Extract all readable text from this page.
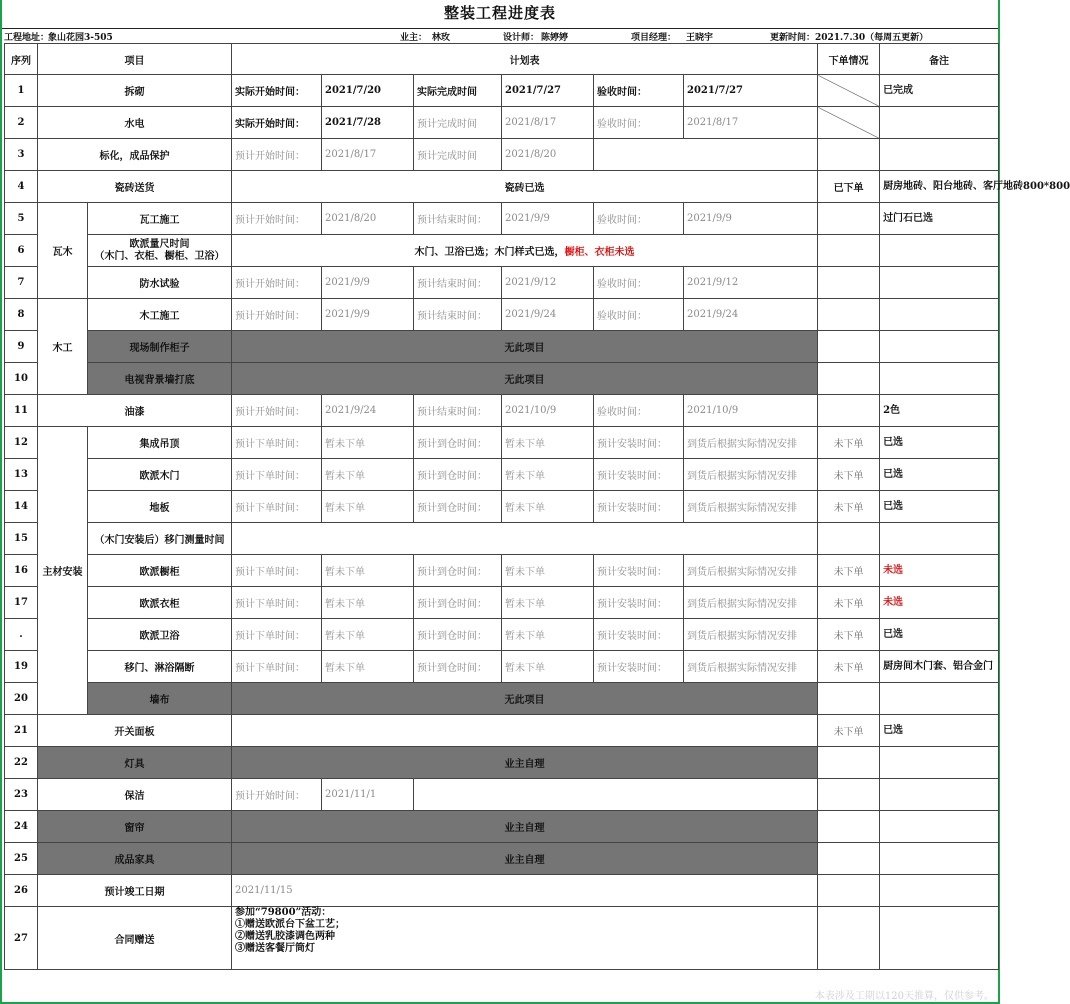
整装工程进度表
工程地址：
象山花园3-505	业主： 林玫	设计师： 陈婷婷	项目经理： 王晓宇	更新时间： 2021.7.30（每周五更新）
序列	项目		计划表						下单情况	备注
1	拆砌		实际开始时间：	2021/7/20	实际完成时间	2021/7/27	验收时间：	2021/7/27		已完成
2	水电		实际开始时间：	2021/7/28	预计完成时间	2021/8/17	验收时间：	2021/8/17		
3	标化，成品保护		预计开始时间：	2021/8/17	预计完成时间	2021/8/20				
4	瓷砖送货		瓷砖已选						已下单	厨房地砖、阳台地砖、客厅地砖800*800
5	瓦木	瓦工施工	预计开始时间：	2021/8/20	预计结束时间：	2021/9/9	验收时间：	2021/9/9		过门石已选
6		欧派量尺时间
（木门、衣柜、橱柜、卫浴）	木门、卫浴已选；木门样式已选，橱柜、衣柜未选							
7		防水试验	预计开始时间：	2021/9/9	预计结束时间：	2021/9/12	验收时间：	2021/9/12		
8	木工	木工施工	预计开始时间：	2021/9/9	预计结束时间：	2021/9/24	验收时间：	2021/9/24		
9		现场制作柜子	无此项目							
10		电视背景墙打底	无此项目							
11	油漆		预计开始时间：	2021/9/24	预计结束时间：	2021/10/9	验收时间：	2021/10/9		2色
12	主材安装	集成吊顶	预计下单时间：	暂未下单	预计到仓时间：	暂未下单	预计安装时间：	到货后根据实际情况安排	未下单	已选
13		欧派木门	预计下单时间：	暂未下单	预计到仓时间：	暂未下单	预计安装时间：	到货后根据实际情况安排	未下单	已选
14		地板	预计下单时间：	暂未下单	预计到仓时间：	暂未下单	预计安装时间：	到货后根据实际情况安排	未下单	已选
15		（木门安装后）移门测量时间								
16		欧派橱柜	预计下单时间：	暂未下单	预计到仓时间：	暂未下单	预计安装时间：	到货后根据实际情况安排	未下单	未选
17		欧派衣柜	预计下单时间：	暂未下单	预计到仓时间：	暂未下单	预计安装时间：	到货后根据实际情况安排	未下单	未选
.		欧派卫浴	预计下单时间：	暂未下单	预计到仓时间：	暂未下单	预计安装时间：	到货后根据实际情况安排	未下单	已选
19		移门、淋浴隔断	预计下单时间：	暂未下单	预计到仓时间：	暂未下单	预计安装时间：	到货后根据实际情况安排	未下单	厨房间木门套、铝合金门
20		墙布	无此项目							
21	开关面板								未下单	已选
22	灯具		业主自理							
23	保洁		预计开始时间：	2021/11/1						
24	窗帘		业主自理							
25	成品家具		业主自理							
26	预计竣工日期		2021/11/15							
27	合同赠送		参加“79800”活动：
①赠送欧派台下盆工艺；
②赠送乳胶漆调色两种
③赠送客餐厅筒灯							

本表涉及工期以120天推算，仅供参考。
